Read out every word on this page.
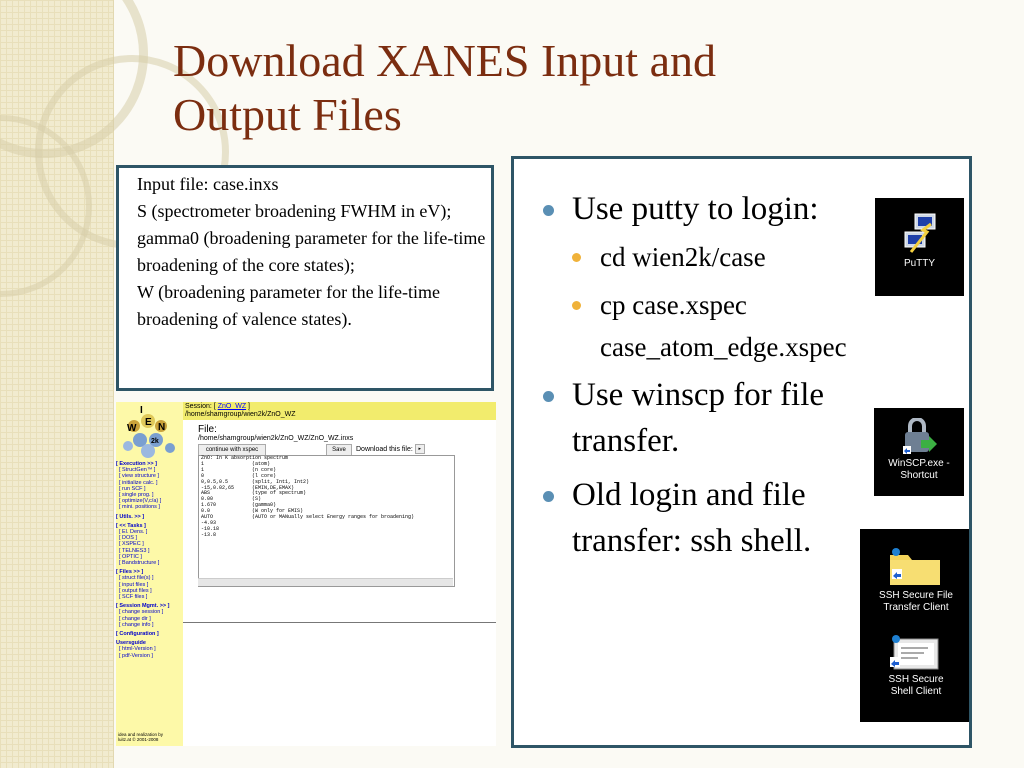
Download XANES Input and
Output Files

Input file: case.inxs

S (spectrometer broadening FWHM in eV);

gamma0 (broadening parameter for the life-time broadening of the core states);

W (broadening parameter for the life-time broadening of valence states).

W
I
E N
2k
[ Execution >> ]
[ StructGen™ ]
[ view structure ]
[ initialize calc. ]
[ run SCF ]
[ single prog. ]
[ optimize(V,c/a) ]
[ mini. positions ]
[ Utils. >> ]
[ << Tasks ]
[ El. Dens. ]
[ DOS ]
[ XSPEC ]
[ TELNES3 ]
[ OPTIC ]
[ Bandstructure ]
[ Files >> ]
[ struct file(s) ]
[ input files ]
[ output files ]
[ SCF files ]
[ Session Mgmt. >> ]
[ change session ]
[ change dir ]
[ change info ]
[ Configuration ]
Usersguide
[ html-Version ]
[ pdf-Version ]
idea and realization by
luitz.at © 2001-2008
Session: [ ZnO_WZ ]
/home/shamgroup/wien2k/ZnO_WZ
File:
/home/shamgroup/wien2k/ZnO_WZ/ZnO_WZ.inxs
continue with xspec	Save	Download this file: ▸
ZnO: In K absorption spectrum
1                (atom)
1                (n core)
0                (l core)
0,0.5,0.5        (split, Int1, Int2)
-15,0.02,65      (EMIN,DE,EMAX)
ABS              (type of spectrum)
0.00             (S)
1.670            (gamma0)
0.0              (W only for EMIS)
AUTO             (AUTO or MANually select Energy ranges for broadening)
-4.93
-10.18
-13.8
Use putty to login:
cd wien2k/case
cp case.xspec case_atom_edge.xspec
Use winscp for file transfer.
Old login and file transfer: ssh shell.
PuTTY
WinSCP.exe - Shortcut
SSH Secure File Transfer Client
SSH Secure Shell Client
